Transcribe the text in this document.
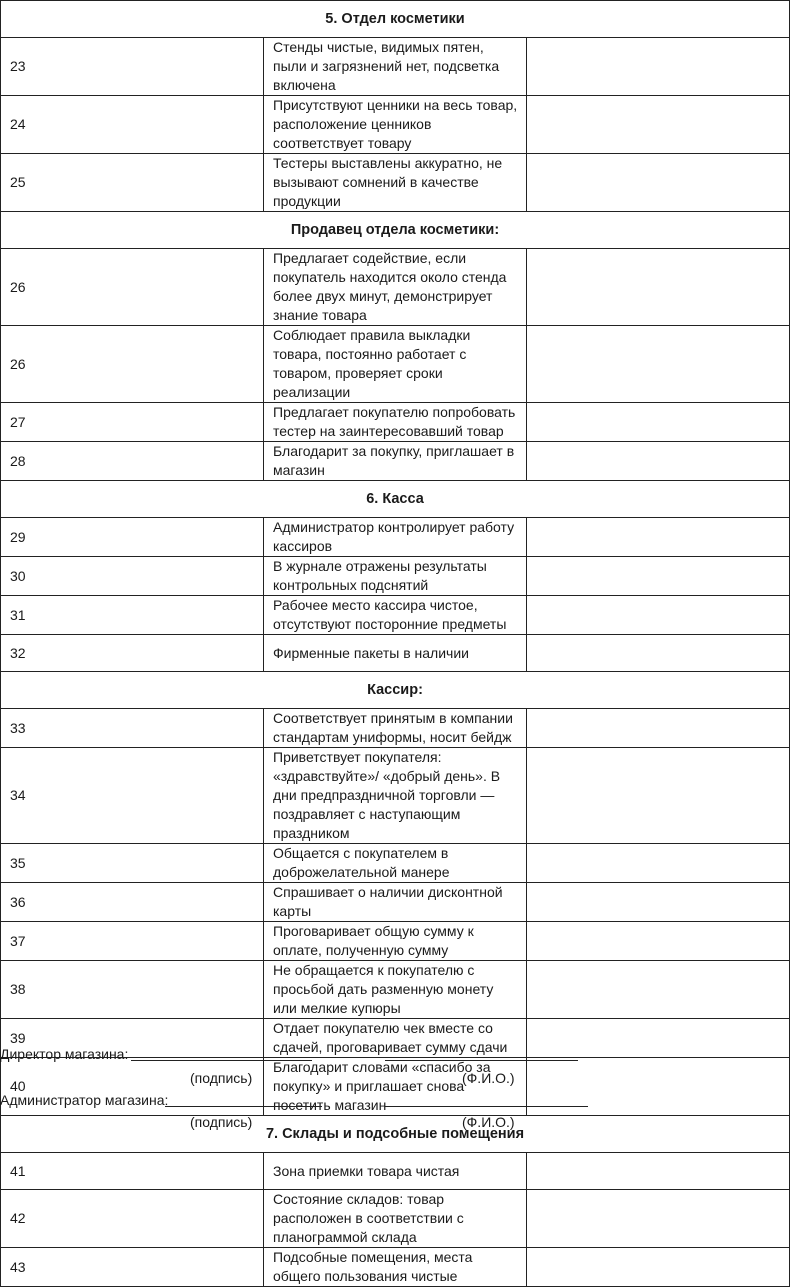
5. Отдел косметики		
23	Стенды чистые, видимых пятен, пыли и загрязнений нет, подсветка включена	
24	Присутствуют ценники на весь товар, расположение ценников соответствует товару	
25	Тестеры выставлены аккуратно, не вызывают сомнений в качестве продукции	
Продавец отдела косметики:		
26	Предлагает содействие, если покупатель находится около стенда более двух минут, демонстрирует знание товара	
26	Соблюдает правила выкладки товара, постоянно работает с товаром, проверяет сроки реализации	
27	Предлагает покупателю попробовать тестер на заинтересовавший товар	
28	Благодарит за покупку, приглашает в магазин	
6. Касса		
29	Администратор контролирует работу кассиров	
30	В журнале отражены результаты контрольных подснятий	
31	Рабочее место кассира чистое, отсутствуют посторонние предметы	
32	Фирменные пакеты в наличии	
Кассир:		
33	Соответствует принятым в компании стандартам униформы, носит бейдж	
34	Приветствует покупателя: «здравствуйте»/ «добрый день». В дни предпраздничной торговли — поздравляет с наступающим праздником	
35	Общается с покупателем в доброжелательной манере	
36	Спрашивает о наличии дисконтной карты	
37	Проговаривает общую сумму к оплате, полученную сумму	
38	Не обращается к покупателю с просьбой дать разменную монету или мелкие купюры	
39	Отдает покупателю чек вместе со сдачей, проговаривает сумму сдачи	
40	Благодарит словами «спасибо за покупку» и приглашает снова посетить магазин	
7. Склады и подсобные помещения		
41	Зона приемки товара чистая	
42	Состояние складов: товар расположен в соответствии с планограммой склада	
43	Подсобные помещения, места общего пользования чистые	
Директор магазина:
(подпись)	(Ф.И.О.)
Администратор магазина:
(подпись)	(Ф.И.О.)
